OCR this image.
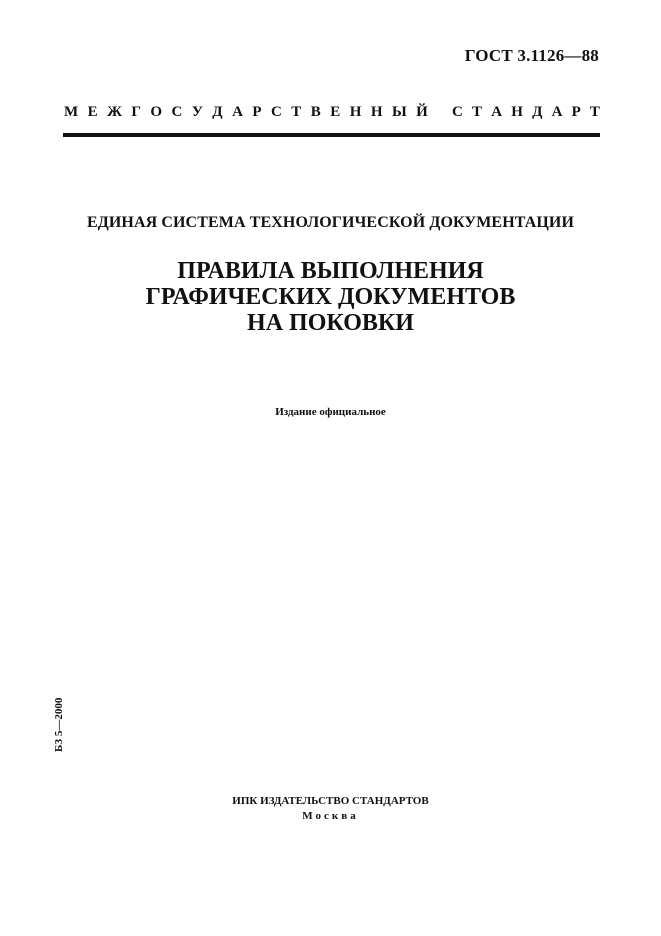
ГОСТ 3.1126—88
М Е Ж Г О С У Д А Р С Т В Е Н Н Ы Й С Т А Н Д А Р Т
ЕДИНАЯ СИСТЕМА ТЕХНОЛОГИЧЕСКОЙ ДОКУМЕНТАЦИИ
ПРАВИЛА ВЫПОЛНЕНИЯ
ГРАФИЧЕСКИХ ДОКУМЕНТОВ
НА ПОКОВКИ
Издание официальное
БЗ 5—2000
ИПК ИЗДАТЕЛЬСТВО СТАНДАРТОВ
Москва
